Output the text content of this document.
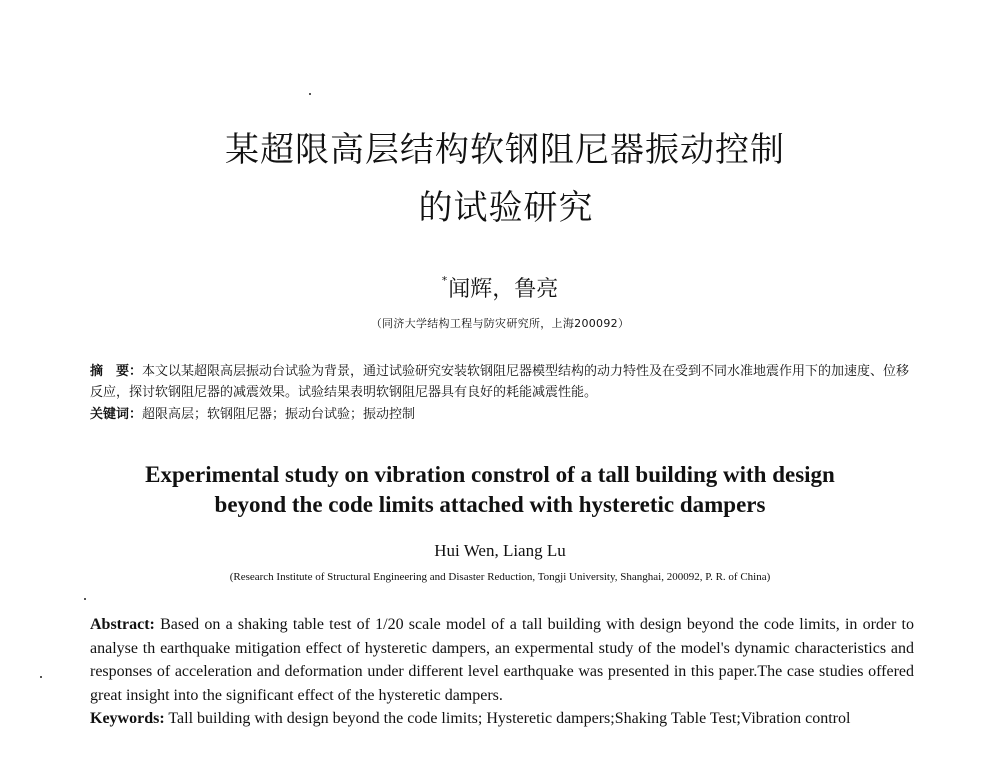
某超限高层结构软钢阻尼器振动控制
的试验研究
*闻辉，鲁亮
（同济大学结构工程与防灾研究所，上海200092）
摘　要：本文以某超限高层振动台试验为背景，通过试验研究安装软钢阻尼器模型结构的动力特性及在受到不同水准地震作用下的加速度、位移反应，探讨软钢阻尼器的减震效果。试验结果表明软钢阻尼器具有良好的耗能减震性能。
关键词：超限高层；软钢阻尼器；振动台试验；振动控制
Experimental study on vibration constrol of a tall building with design
beyond the code limits attached with hysteretic dampers
Hui Wen, Liang Lu
(Research Institute of Structural Engineering and Disaster Reduction, Tongji University, Shanghai, 200092, P. R. of China)
Abstract: Based on a shaking table test of 1/20 scale model of a tall building with design beyond the code limits, in order to analyse th earthquake mitigation effect of hysteretic dampers, an expermental study of the model's dynamic characteristics and responses of acceleration and deformation under different level earthquake was presented in this paper.The case studies offered great insight into the significant effect of the hysteretic dampers.
Keywords: Tall building with design beyond the code limits; Hysteretic dampers;Shaking Table Test;Vibration control
